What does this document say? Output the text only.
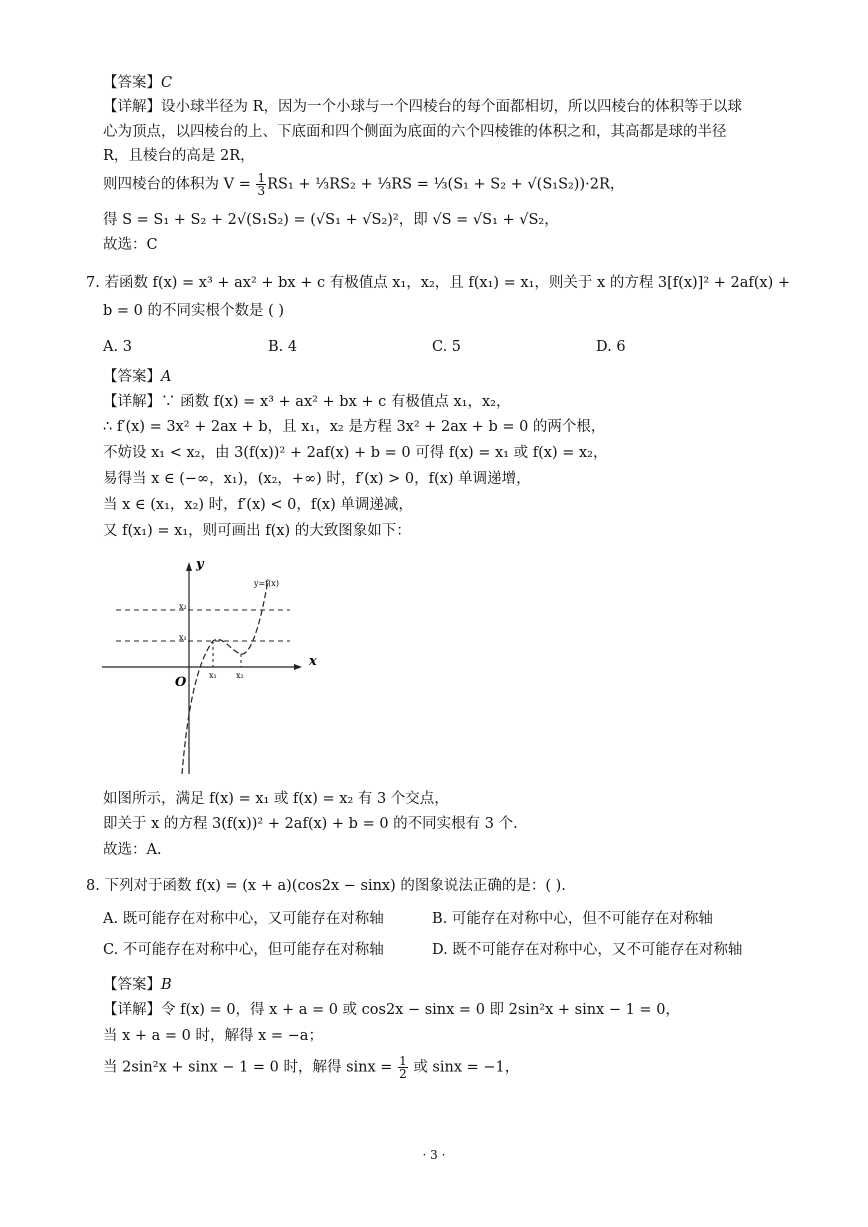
【答案】C
【详解】设小球半径为 R，因为一个小球与一个四棱台的每个面都相切，所以四棱台的体积等于以球
心为顶点，以四棱台的上、下底面和四个侧面为底面的六个四棱锥的体积之和，其高都是球的半径
R，且棱台的高是 2R，
则四棱台的体积为 $V = \frac{1}{3} RS_1$ + ⅓RS₂ + ⅓RS = ⅓(S₁ + S₂ + √(S₁S₂))·2R，
得 S = S₁ + S₂ + 2√(S₁S₂) = (√S₁ + √S₂)²，即 √S = √S₁ + √S₂，
故选：C
7. 若函数 f(x) = x³ + ax² + bx + c 有极值点 x₁，x₂，且 f(x₁) = x₁，则关于 x 的方程 3[f(x)]² + 2af(x) +
b = 0 的不同实根个数是 ( )
A. 3	B. 4	C. 5	D. 6
【答案】A
【详解】∵ 函数 f(x) = x³ + ax² + bx + c 有极值点 x₁，x₂，
∴ f′(x) = 3x² + 2ax + b，且 x₁，x₂ 是方程 3x² + 2ax + b = 0 的两个根，
不妨设 x₁ < x₂，由 3(f(x))² + 2af(x) + b = 0 可得 f(x) = x₁ 或 f(x) = x₂，
易得当 x ∈ (−∞，x₁)，(x₂，+∞) 时，f′(x) > 0，f(x) 单调递增，
当 x ∈ (x₁，x₂) 时，f′(x) < 0，f(x) 单调递减，
又 f(x₁) = x₁，则可画出 f(x) 的大致图象如下：
y
x
O
y=f(x)
x₁ x₂
x₁
x₂
如图所示，满足 f(x) = x₁ 或 f(x) = x₂ 有 3 个交点，
即关于 x 的方程 3(f(x))² + 2af(x) + b = 0 的不同实根有 3 个.
故选：A.
8. 下列对于函数 f(x) = (x + a)(cos2x − sinx) 的图象说法正确的是：( ).
A. 既可能存在对称中心，又可能存在对称轴	B. 可能存在对称中心，但不可能存在对称轴
C. 不可能存在对称中心，但可能存在对称轴	D. 既不可能存在对称中心，又不可能存在对称轴
【答案】B
【详解】令 f(x) = 0，得 x + a = 0 或 cos2x − sinx = 0 即 2sin²x + sinx − 1 = 0，
当 x + a = 0 时，解得 x = −a；
当 2sin²x + sinx − 1 = 0 时，解得 $\sin x = \frac{1}{2}$ 或 sinx = −1，
· 3 ·
